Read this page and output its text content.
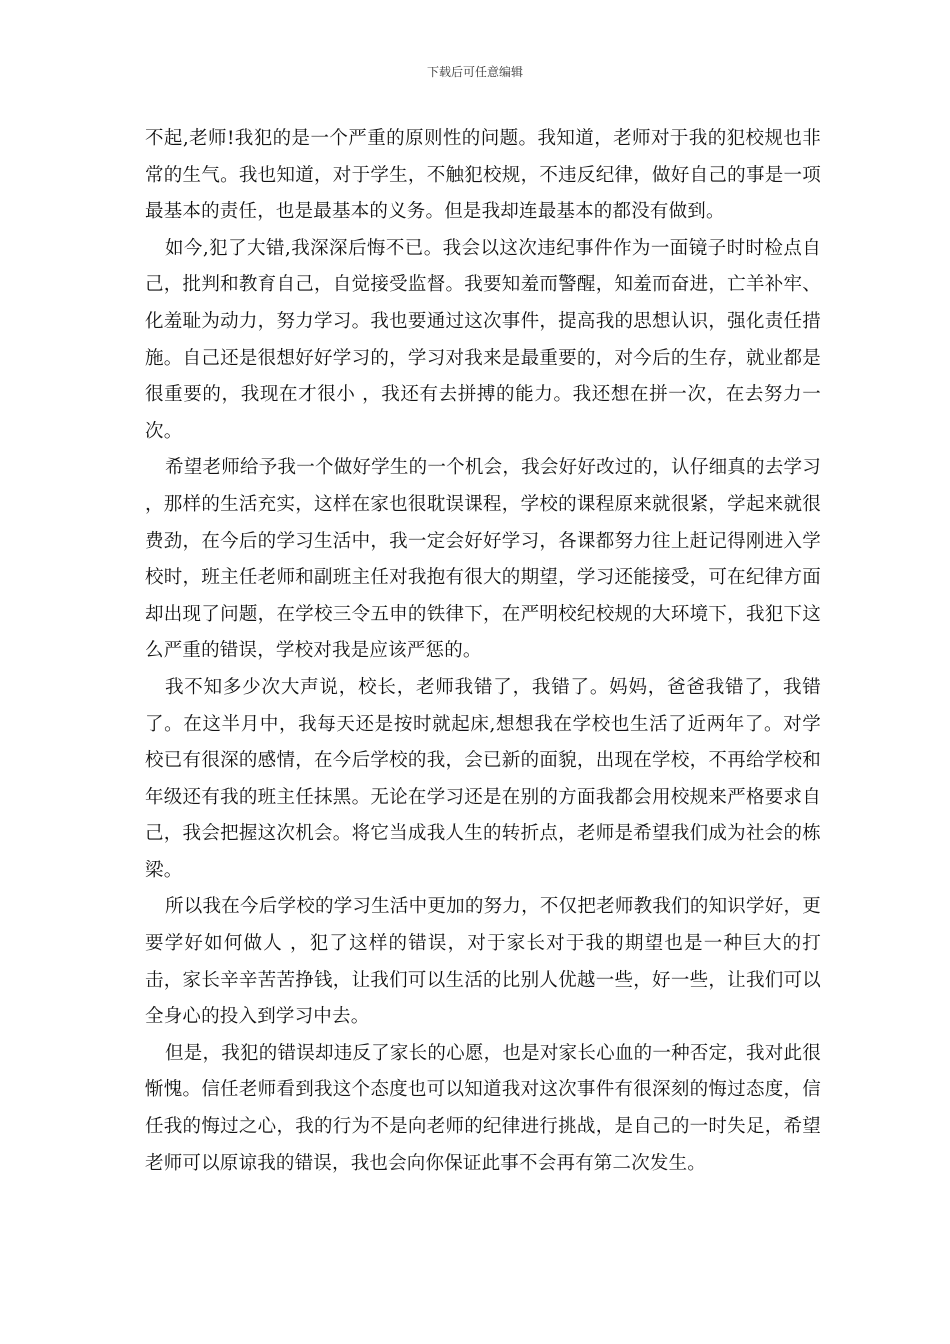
下载后可任意编辑

不起,老师!我犯的是一个严重的原则性的问题。我知道，老师对于我的犯校规也非常的生气。我也知道，对于学生，不触犯校规，不违反纪律，做好自己的事是一项最基本的责任，也是最基本的义务。但是我却连最基本的都没有做到。

如今,犯了大错,我深深后悔不已。我会以这次违纪事件作为一面镜子时时检点自己，批判和教育自己，自觉接受监督。我要知羞而警醒，知羞而奋进，亡羊补牢、化羞耻为动力，努力学习。我也要通过这次事件，提高我的思想认识，强化责任措施。自己还是很想好好学习的，学习对我来是最重要的，对今后的生存，就业都是很重要的，我现在才很小 ，我还有去拼搏的能力。我还想在拼一次，在去努力一次。

希望老师给予我一个做好学生的一个机会，我会好好改过的，认仔细真的去学习 ，那样的生活充实，这样在家也很耽误课程，学校的课程原来就很紧，学起来就很费劲，在今后的学习生活中，我一定会好好学习，各课都努力往上赶记得刚进入学校时，班主任老师和副班主任对我抱有很大的期望，学习还能接受，可在纪律方面却出现了问题，在学校三令五申的铁律下，在严明校纪校规的大环境下，我犯下这么严重的错误，学校对我是应该严惩的。

我不知多少次大声说，校长，老师我错了，我错了。妈妈，爸爸我错了，我错了。在这半月中，我每天还是按时就起床,想想我在学校也生活了近两年了。对学校已有很深的感情，在今后学校的我，会已新的面貌，出现在学校，不再给学校和年级还有我的班主任抹黑。无论在学习还是在别的方面我都会用校规来严格要求自己，我会把握这次机会。将它当成我人生的转折点，老师是希望我们成为社会的栋梁。

所以我在今后学校的学习生活中更加的努力，不仅把老师教我们的知识学好，更要学好如何做人 ，犯了这样的错误，对于家长对于我的期望也是一种巨大的打击，家长辛辛苦苦挣钱，让我们可以生活的比别人优越一些，好一些，让我们可以全身心的投入到学习中去。

但是，我犯的错误却违反了家长的心愿，也是对家长心血的一种否定，我对此很惭愧。信任老师看到我这个态度也可以知道我对这次事件有很深刻的悔过态度，信任我的悔过之心，我的行为不是向老师的纪律进行挑战，是自己的一时失足，希望老师可以原谅我的错误，我也会向你保证此事不会再有第二次发生。
